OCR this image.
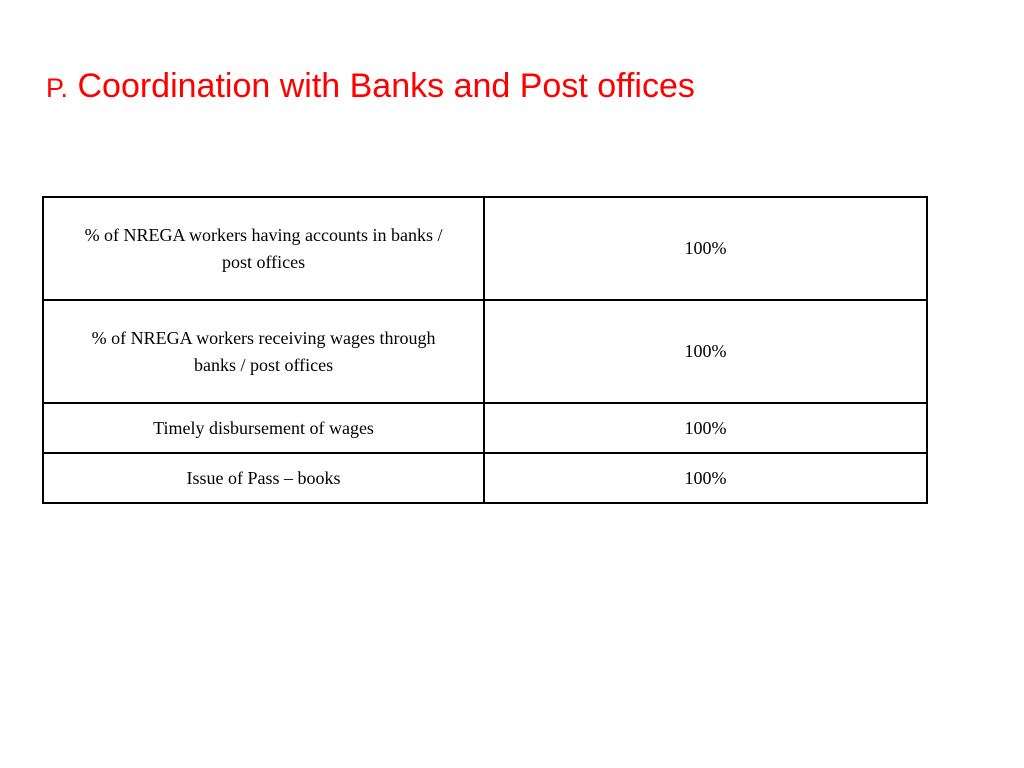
P. Coordination with Banks and Post offices
% of NREGA workers having accounts in banks / post offices	100%
% of NREGA workers receiving wages through banks / post offices	100%
Timely disbursement of wages	100%
Issue of Pass – books	100%
